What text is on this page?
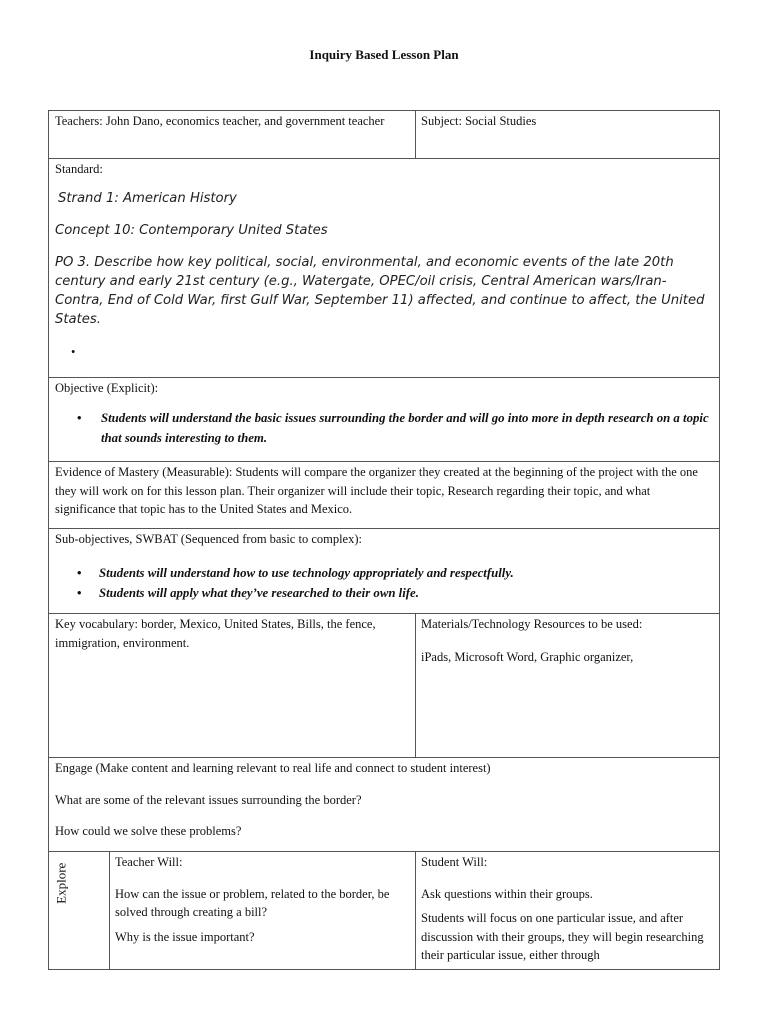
Inquiry Based Lesson Plan
Teachers: John Dano, economics teacher, and government teacher	Subject: Social Studies

Standard:

Strand 1: American History

Concept 10: Contemporary United States

PO 3. Describe how key political, social, environmental, and economic events of the late 20th century and early 21st century (e.g., Watergate, OPEC/oil crisis, Central American wars/Iran-Contra, End of Cold War, first Gulf War, September 11) affected, and continue to affect, the United States.

•

Objective (Explicit):

• Students will understand the basic issues surrounding the border and will go into more in depth research on a topic that sounds interesting to them.
Evidence of Mastery (Measurable): Students will compare the organizer they created at the beginning of the project with the one they will work on for this lesson plan. Their organizer will include their topic, Research regarding their topic, and what significance that topic has to the United States and Mexico.

Sub-objectives, SWBAT (Sequenced from basic to complex):

• Students will understand how to use technology appropriately and respectfully.
• Students will apply what they’ve researched to their own life.
Key vocabulary: border, Mexico, United States, Bills, the fence, immigration, environment.

Materials/Technology Resources to be used:

iPads, Microsoft Word, Graphic organizer,

Engage (Make content and learning relevant to real life and connect to student interest)

What are some of the relevant issues surrounding the border?

How could we solve these problems?

Explore

Teacher Will:

How can the issue or problem, related to the border, be solved through creating a bill?

Why is the issue important?

Student Will:

Ask questions within their groups.

Students will focus on one particular issue, and after discussion with their groups, they will begin researching their particular issue, either through
